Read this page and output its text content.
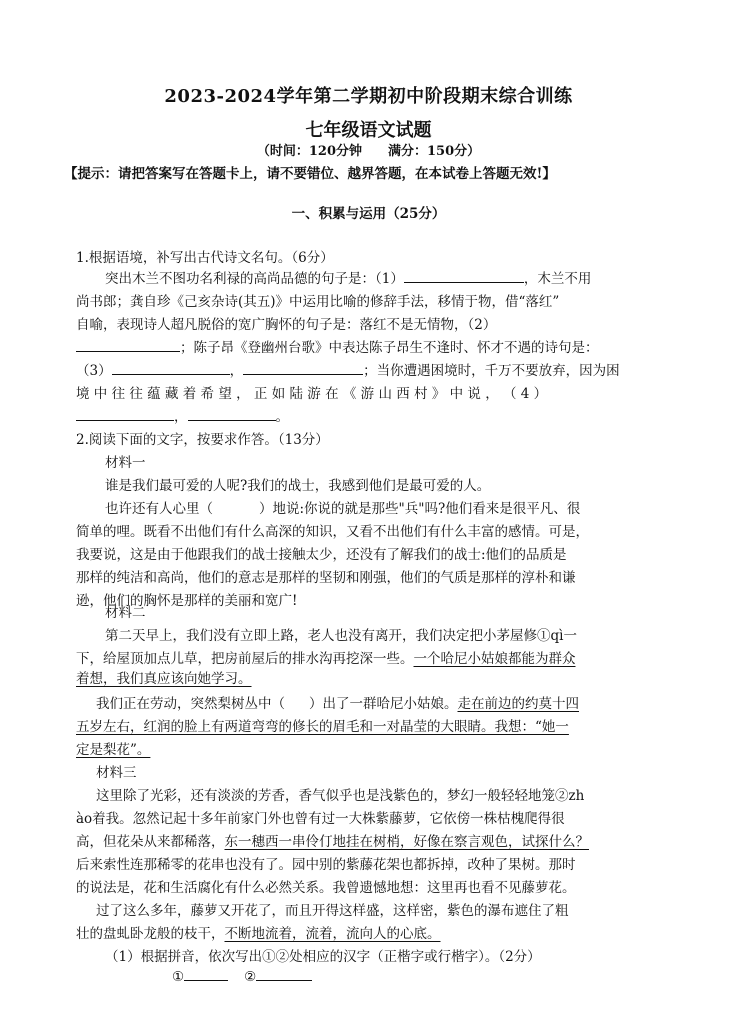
2023-2024学年第二学期初中阶段期末综合训练
七年级语文试题
（时间：120分钟　　满分：150分）
【提示：请把答案写在答题卡上，请不要错位、越界答题，在本试卷上答题无效!】
一、积累与运用（25分）
1.根据语境，补写出古代诗文名句。（6分）
突出木兰不图功名利禄的高尚品德的句子是：（1）	，木兰不用
尚书郎；龚自珍《己亥杂诗(其五)》中运用比喻的修辞手法，移情于物，借“落红”
自喻，表现诗人超凡脱俗的宽广胸怀的句子是：落红不是无情物，（2）
；陈子昂《登幽州台歌》中表达陈子昂生不逢时、怀才不遇的诗句是：
（3）	，	；当你遭遇困境时，千万不要放弃，因为困
境 中 往 往 蕴 藏 着 希 望 ， 正 如 陆 游 在 《 游 山 西 村 》 中 说 ， （ 4 ）
，	。
2.阅读下面的文字，按要求作答。（13分）
材料一
谁是我们最可爱的人呢?我们的战士，我感到他们是最可爱的人。
也许还有人心里（	）地说:你说的就是那些"兵"吗?他们看来是很平凡、很
简单的哩。既看不出他们有什么高深的知识，又看不出他们有什么丰富的感情。可是，
我要说，这是由于他跟我们的战士接触太少，还没有了解我们的战士:他们的品质是
那样的纯洁和高尚，他们的意志是那样的坚韧和刚强，他们的气质是那样的淳朴和谦
逊，他们的胸怀是那样的美丽和宽广!
材料二
第二天早上，我们没有立即上路，老人也没有离开，我们决定把小茅屋修①qì一
下，给屋顶加点儿草，把房前屋后的排水沟再挖深一些。一个哈尼小姑娘都能为群众
着想，我们真应该向她学习。
我们正在劳动，突然梨树丛中（ ）出了一群哈尼小姑娘。走在前边的约莫十四
五岁左右，红润的脸上有两道弯弯的修长的眉毛和一对晶莹的大眼睛。我想：“她一
定是梨花”。
材料三
这里除了光彩，还有淡淡的芳香，香气似乎也是浅紫色的，梦幻一般轻轻地笼②zh
ào着我。忽然记起十多年前家门外也曾有过一大株紫藤萝，它依傍一株枯槐爬得很
高，但花朵从来都稀落，东一穗西一串伶仃地挂在树梢，好像在察言观色，试探什么？
后来索性连那稀零的花串也没有了。园中别的紫藤花架也都拆掉，改种了果树。那时
的说法是，花和生活腐化有什么必然关系。我曾遗憾地想：这里再也看不见藤萝花。
过了这么多年，藤萝又开花了，而且开得这样盛，这样密，紫色的瀑布遮住了粗
壮的盘虬卧龙般的枝干，不断地流着，流着，流向人的心底。
（1）根据拼音，依次写出①②处相应的汉字（正楷字或行楷字）。（2分）
①	②
